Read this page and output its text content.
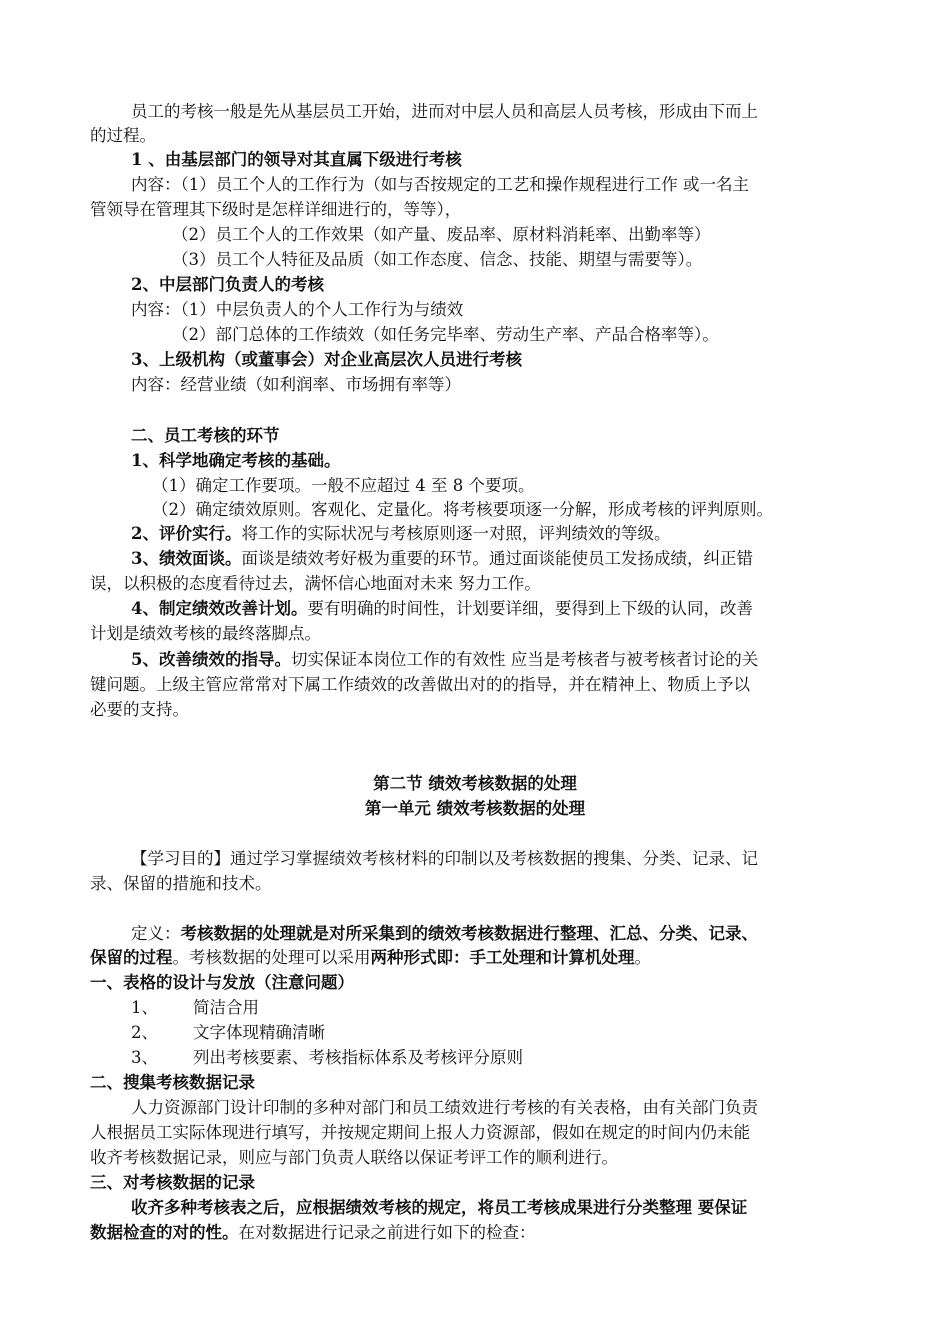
员工的考核一般是先从基层员工开始，进而对中层人员和高层人员考核，形成由下而上
的过程。
1 、由基层部门的领导对其直属下级进行考核
内容：（1）员工个人的工作行为（如与否按规定的工艺和操作规程进行工作 或一名主
管领导在管理其下级时是怎样详细进行的，等等），
（2）员工个人的工作效果（如产量、废品率、原材料消耗率、出勤率等）
（3）员工个人特征及品质（如工作态度、信念、技能、期望与需要等）。
2、中层部门负责人的考核
内容：（1）中层负责人的个人工作行为与绩效
（2）部门总体的工作绩效（如任务完毕率、劳动生产率、产品合格率等）。
3、上级机构（或董事会）对企业高层次人员进行考核
内容：经营业绩（如利润率、市场拥有率等）
二、员工考核的环节
1、科学地确定考核的基础。
（1）确定工作要项。一般不应超过 4 至 8 个要项。
（2）确定绩效原则。客观化、定量化。将考核要项逐一分解，形成考核的评判原则。
2、评价实行。将工作的实际状况与考核原则逐一对照，评判绩效的等级。
3、绩效面谈。面谈是绩效考好极为重要的环节。通过面谈能使员工发扬成绩，纠正错
误，以积极的态度看待过去，满怀信心地面对未来 努力工作。
4、制定绩效改善计划。要有明确的时间性，计划要详细，要得到上下级的认同，改善
计划是绩效考核的最终落脚点。
5、改善绩效的指导。切实保证本岗位工作的有效性 应当是考核者与被考核者讨论的关
键问题。上级主管应常常对下属工作绩效的改善做出对的的指导，并在精神上、物质上予以
必要的支持。
第二节 绩效考核数据的处理
第一单元 绩效考核数据的处理
【学习目的】通过学习掌握绩效考核材料的印制以及考核数据的搜集、分类、记录、记
录、保留的措施和技术。
定义：考核数据的处理就是对所采集到的绩效考核数据进行整理、汇总、分类、记录、
保留的过程。考核数据的处理可以采用两种形式即：手工处理和计算机处理。
一、表格的设计与发放（注意问题）
1、 简洁合用
2、 文字体现精确清晰
3、 列出考核要素、考核指标体系及考核评分原则
二、搜集考核数据记录
人力资源部门设计印制的多种对部门和员工绩效进行考核的有关表格，由有关部门负责
人根据员工实际体现进行填写，并按规定期间上报人力资源部，假如在规定的时间内仍未能
收齐考核数据记录，则应与部门负责人联络以保证考评工作的顺利进行。
三、对考核数据的记录
收齐多种考核表之后，应根据绩效考核的规定，将员工考核成果进行分类整理 要保证
数据检查的对的性。在对数据进行记录之前进行如下的检查：
